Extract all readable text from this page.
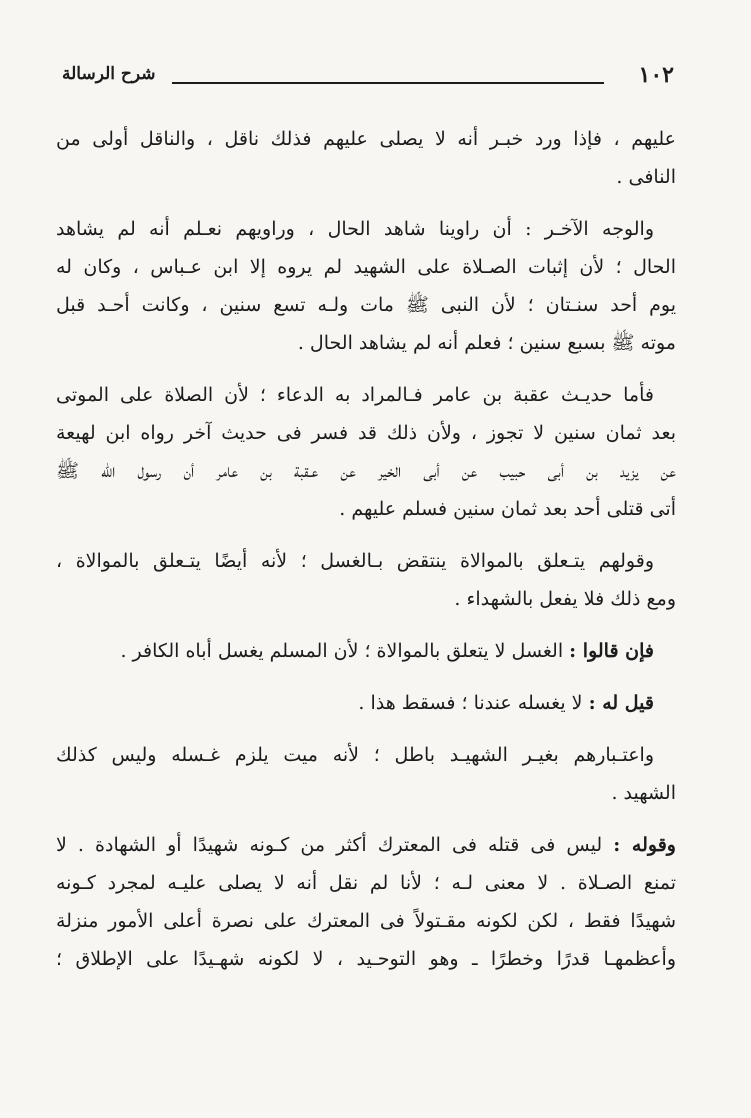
١٠٢
شرح الرسالة
عليهم ، فإذا ورد خبـر أنه لا يصلى عليهم فذلك ناقل ، والناقل أولى من
النافى .
والوجه الآخـر : أن راوينا شاهد الحال ، وراويهم نعـلم أنه لم يشاهد
الحال ؛ لأن إثبات الصـلاة على الشهيد لم يروه إلا ابن عـباس ، وكان له
يوم أحد سنـتان ؛ لأن النبى ﷺ مات ولـه تسع سنين ، وكانت أحـد قبل
موته ﷺ بسبع سنين ؛ فعلم أنه لم يشاهد الحال .
فأما حديـث عقبة بن عامر فـالمراد به الدعاء ؛ لأن الصلاة على الموتى
بعد ثمان سنين لا تجوز ، ولأن ذلك قد فسر فى حديث آخر رواه ابن لهيعة
عن يزيد بن أبى حبيب عن أبى الخير عن عـقبة بن عامر أن رسول الله ﷺ
أتى قتلى أحد بعد ثمان سنين فسلم عليهم .
وقولهم يتـعلق بالموالاة ينتقض بـالغسل ؛ لأنه أيضًا يتـعلق بالموالاة ،
ومع ذلك فلا يفعل بالشهداء .
فإن قالوا : الغسل لا يتعلق بالموالاة ؛ لأن المسلم يغسل أباه الكافر .
قيل له : لا يغسله عندنا ؛ فسقط هذا .
واعتـبارهم بغيـر الشهيـد باطل ؛ لأنه ميت يلزم غـسله وليس كذلك
الشهيد .
وقوله : ليس فى قتله فى المعترك أكثر من كـونه شهيدًا أو الشهادة . لا
تمنع الصـلاة . لا معنى لـه ؛ لأنا لم نقل أنه لا يصلى عليـه لمجرد كـونه
شهيدًا فقط ، لكن لكونه مقـتولاً فى المعترك على نصرة أعلى الأمور منزلة
وأعظمهـا قدرًا وخطرًا ـ وهو التوحـيد ، لا لكونه شهـيدًا على الإطلاق ؛
